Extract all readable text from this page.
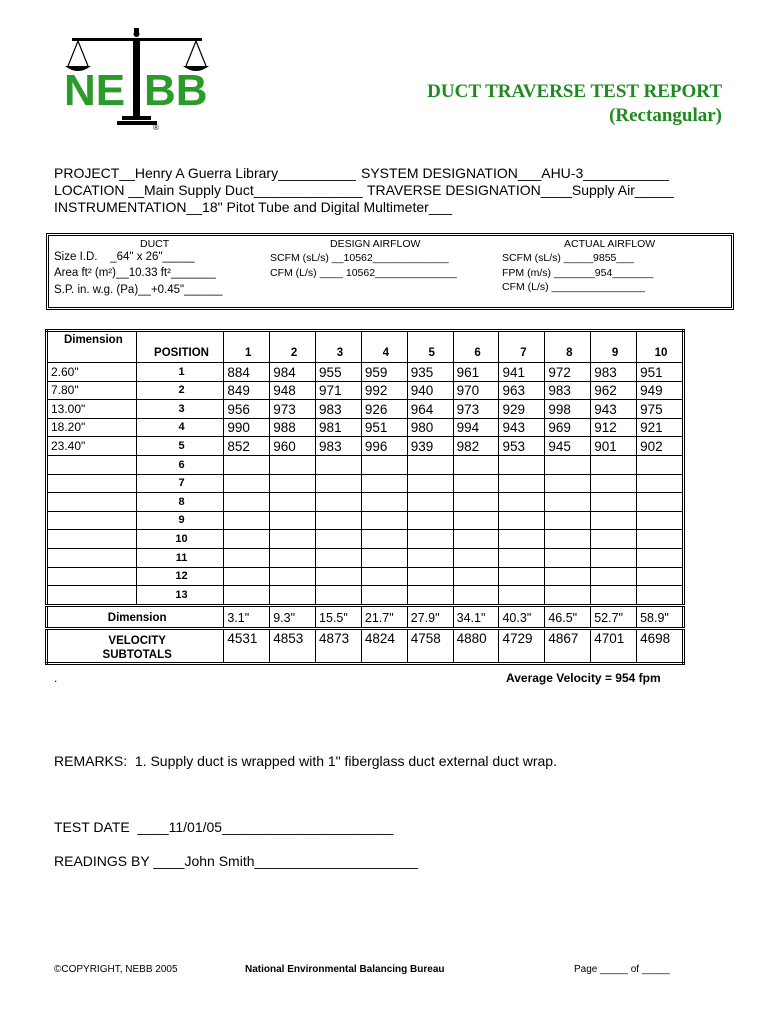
NE BB
®
DUCT TRAVERSE TEST REPORT
(Rectangular)
PROJECT__Henry A Guerra Library__________ SYSTEM DESIGNATION___AHU-3___________
LOCATION __Main Supply Duct______________ TRAVERSE DESIGNATION____Supply Air_____
INSTRUMENTATION__18" Pitot Tube and Digital Multimeter___
DUCT	DESIGN AIRFLOW	ACTUAL AIRFLOW
Size I.D.    _64" x 26"_____
Area ft² (m²)__10.33 ft²_______
S.P. in. w.g. (Pa)__+0.45"______
SCFM (sL/s) __10562_____________
CFM (L/s) ____ 10562______________
SCFM (sL/s) _____9855___
FPM (m/s) _______954_______
CFM (L/s) ________________
Dimension	POSITION	1	2	3	4	5	6	7	8	9	10
2.60"	1	884	984	955	959	935	961	941	972	983	951
7.80"	2	849	948	971	992	940	970	963	983	962	949
13.00"	3	956	973	983	926	964	973	929	998	943	975
18.20"	4	990	988	981	951	980	994	943	969	912	921
23.40"	5	852	960	983	996	939	982	953	945	901	902
	6										
	7										
	8										
	9										
	10										
	11										
	12										
	13										
Dimension		3.1"	9.3"	15.5"	21.7"	27.9"	34.1"	40.3"	46.5"	52.7"	58.9"

VELOCITY
SUBTOTALS		4531	4853	4873	4824	4758	4880	4729	4867	4701	4698
.	Average Velocity = 954 fpm
REMARKS:  1. Supply duct is wrapped with 1" fiberglass duct external duct wrap.
TEST DATE  ____11/01/05______________________
READINGS BY ____John Smith_____________________
©COPYRIGHT, NEBB 2005	National Environmental Balancing Bureau	Page _____ of _____
